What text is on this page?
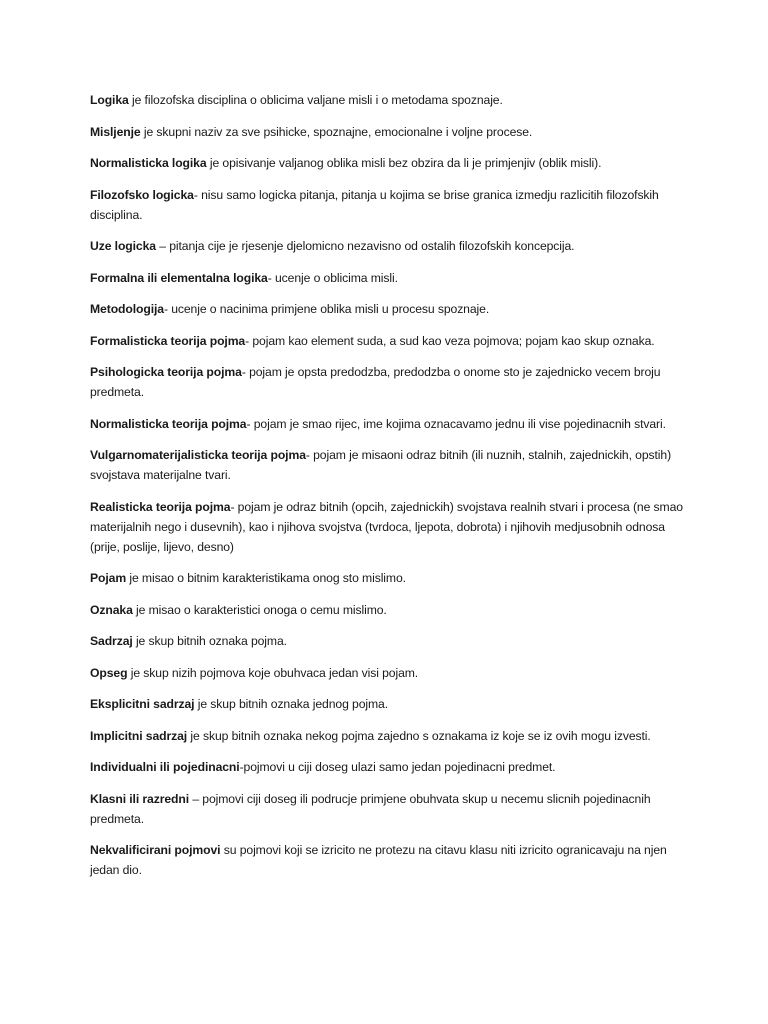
Logika je filozofska disciplina o oblicima valjane misli i o metodama spoznaje.

Misljenje je skupni naziv za sve psihicke, spoznajne, emocionalne i voljne procese.

Normalisticka logika je opisivanje valjanog oblika misli bez obzira da li je primjenjiv (oblik misli).

Filozofsko logicka- nisu samo logicka pitanja, pitanja u kojima se brise granica izmedju razlicitih filozofskih disciplina.

Uze logicka – pitanja cije je rjesenje djelomicno nezavisno od ostalih filozofskih koncepcija.

Formalna ili elementalna logika- ucenje o oblicima misli.

Metodologija- ucenje o nacinima primjene oblika misli u procesu spoznaje.

Formalisticka teorija pojma- pojam kao element suda, a sud kao veza pojmova; pojam kao skup oznaka.

Psihologicka teorija pojma- pojam je opsta predodzba, predodzba o onome sto je zajednicko vecem broju predmeta.

Normalisticka teorija pojma- pojam je smao rijec, ime kojima oznacavamo jednu ili vise pojedinacnih stvari.

Vulgarnomaterijalisticka teorija pojma- pojam je misaoni odraz bitnih (ili nuznih, stalnih, zajednickih, opstih) svojstava materijalne tvari.

Realisticka teorija pojma- pojam je odraz bitnih (opcih, zajednickih) svojstava realnih stvari i procesa (ne smao materijalnih nego i dusevnih), kao i njihova svojstva (tvrdoca, ljepota, dobrota) i njihovih medjusobnih odnosa (prije, poslije, lijevo, desno)

Pojam je misao o bitnim karakteristikama onog sto mislimo.

Oznaka je misao o karakteristici onoga o cemu mislimo.

Sadrzaj je skup bitnih oznaka pojma.

Opseg je skup nizih pojmova koje obuhvaca jedan visi pojam.

Eksplicitni sadrzaj je skup bitnih oznaka jednog pojma.

Implicitni sadrzaj je skup bitnih oznaka nekog pojma zajedno s oznakama iz koje se iz ovih mogu izvesti.

Individualni ili pojedinacni-pojmovi u ciji doseg ulazi samo jedan pojedinacni predmet.

Klasni ili razredni – pojmovi ciji doseg ili podrucje primjene obuhvata skup u necemu slicnih pojedinacnih predmeta.

Nekvalificirani pojmovi su pojmovi koji se izricito ne protezu na citavu klasu niti izricito ogranicavaju na njen jedan dio.
